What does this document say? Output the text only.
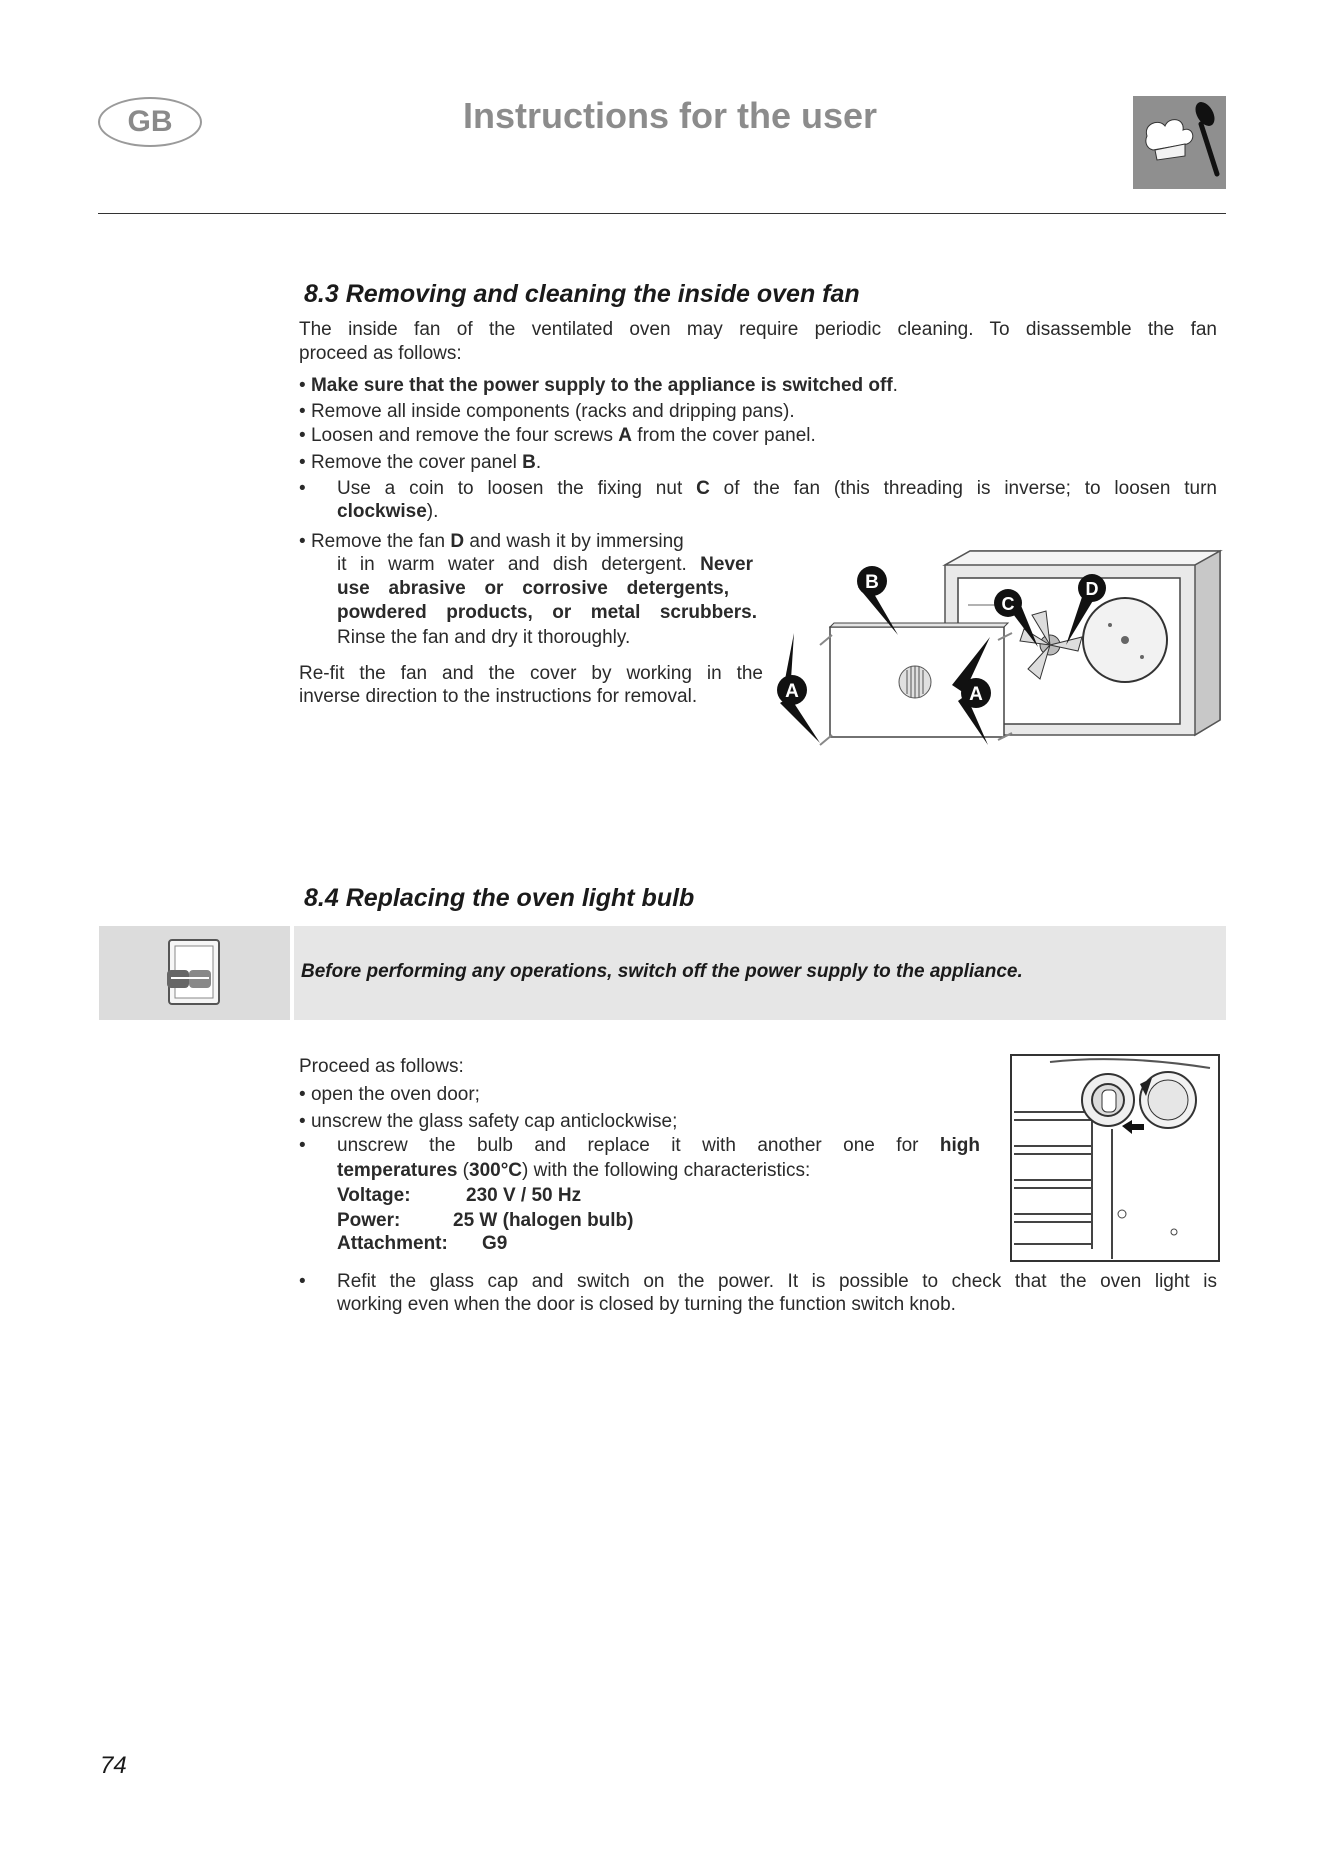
GB	Instructions for the user
8.3 Removing and cleaning the inside oven fan
The inside fan of the ventilated oven may require periodic cleaning. To disassemble the fan
proceed as follows:
• Make sure that the power supply to the appliance is switched off.
• Remove all inside components (racks and dripping pans).
• Loosen and remove the four screws A from the cover panel.
• Remove the cover panel B.
• Use a coin to loosen the fixing nut C of the fan (this threading is inverse; to loosen turn
clockwise).
• Remove the fan D and wash it by immersing
it in warm water and dish detergent. Never
use abrasive or corrosive detergents,
powdered products, or metal scrubbers.
Rinse the fan and dry it thoroughly.
Re-fit the fan and the cover by working in the
inverse direction to the instructions for removal.
B
C
D
A	A
8.4 Replacing the oven light bulb
Before performing any operations, switch off the power supply to the appliance.
Proceed as follows:
• open the oven door;
• unscrew the glass safety cap anticlockwise;
• unscrew the bulb and replace it with another one for high
temperatures (300°C) with the following characteristics:
Voltage:	230 V / 50 Hz
Power:	25 W (halogen bulb)
Attachment: G9
• Refit the glass cap and switch on the power. It is possible to check that the oven light is
working even when the door is closed by turning the function switch knob.
74
